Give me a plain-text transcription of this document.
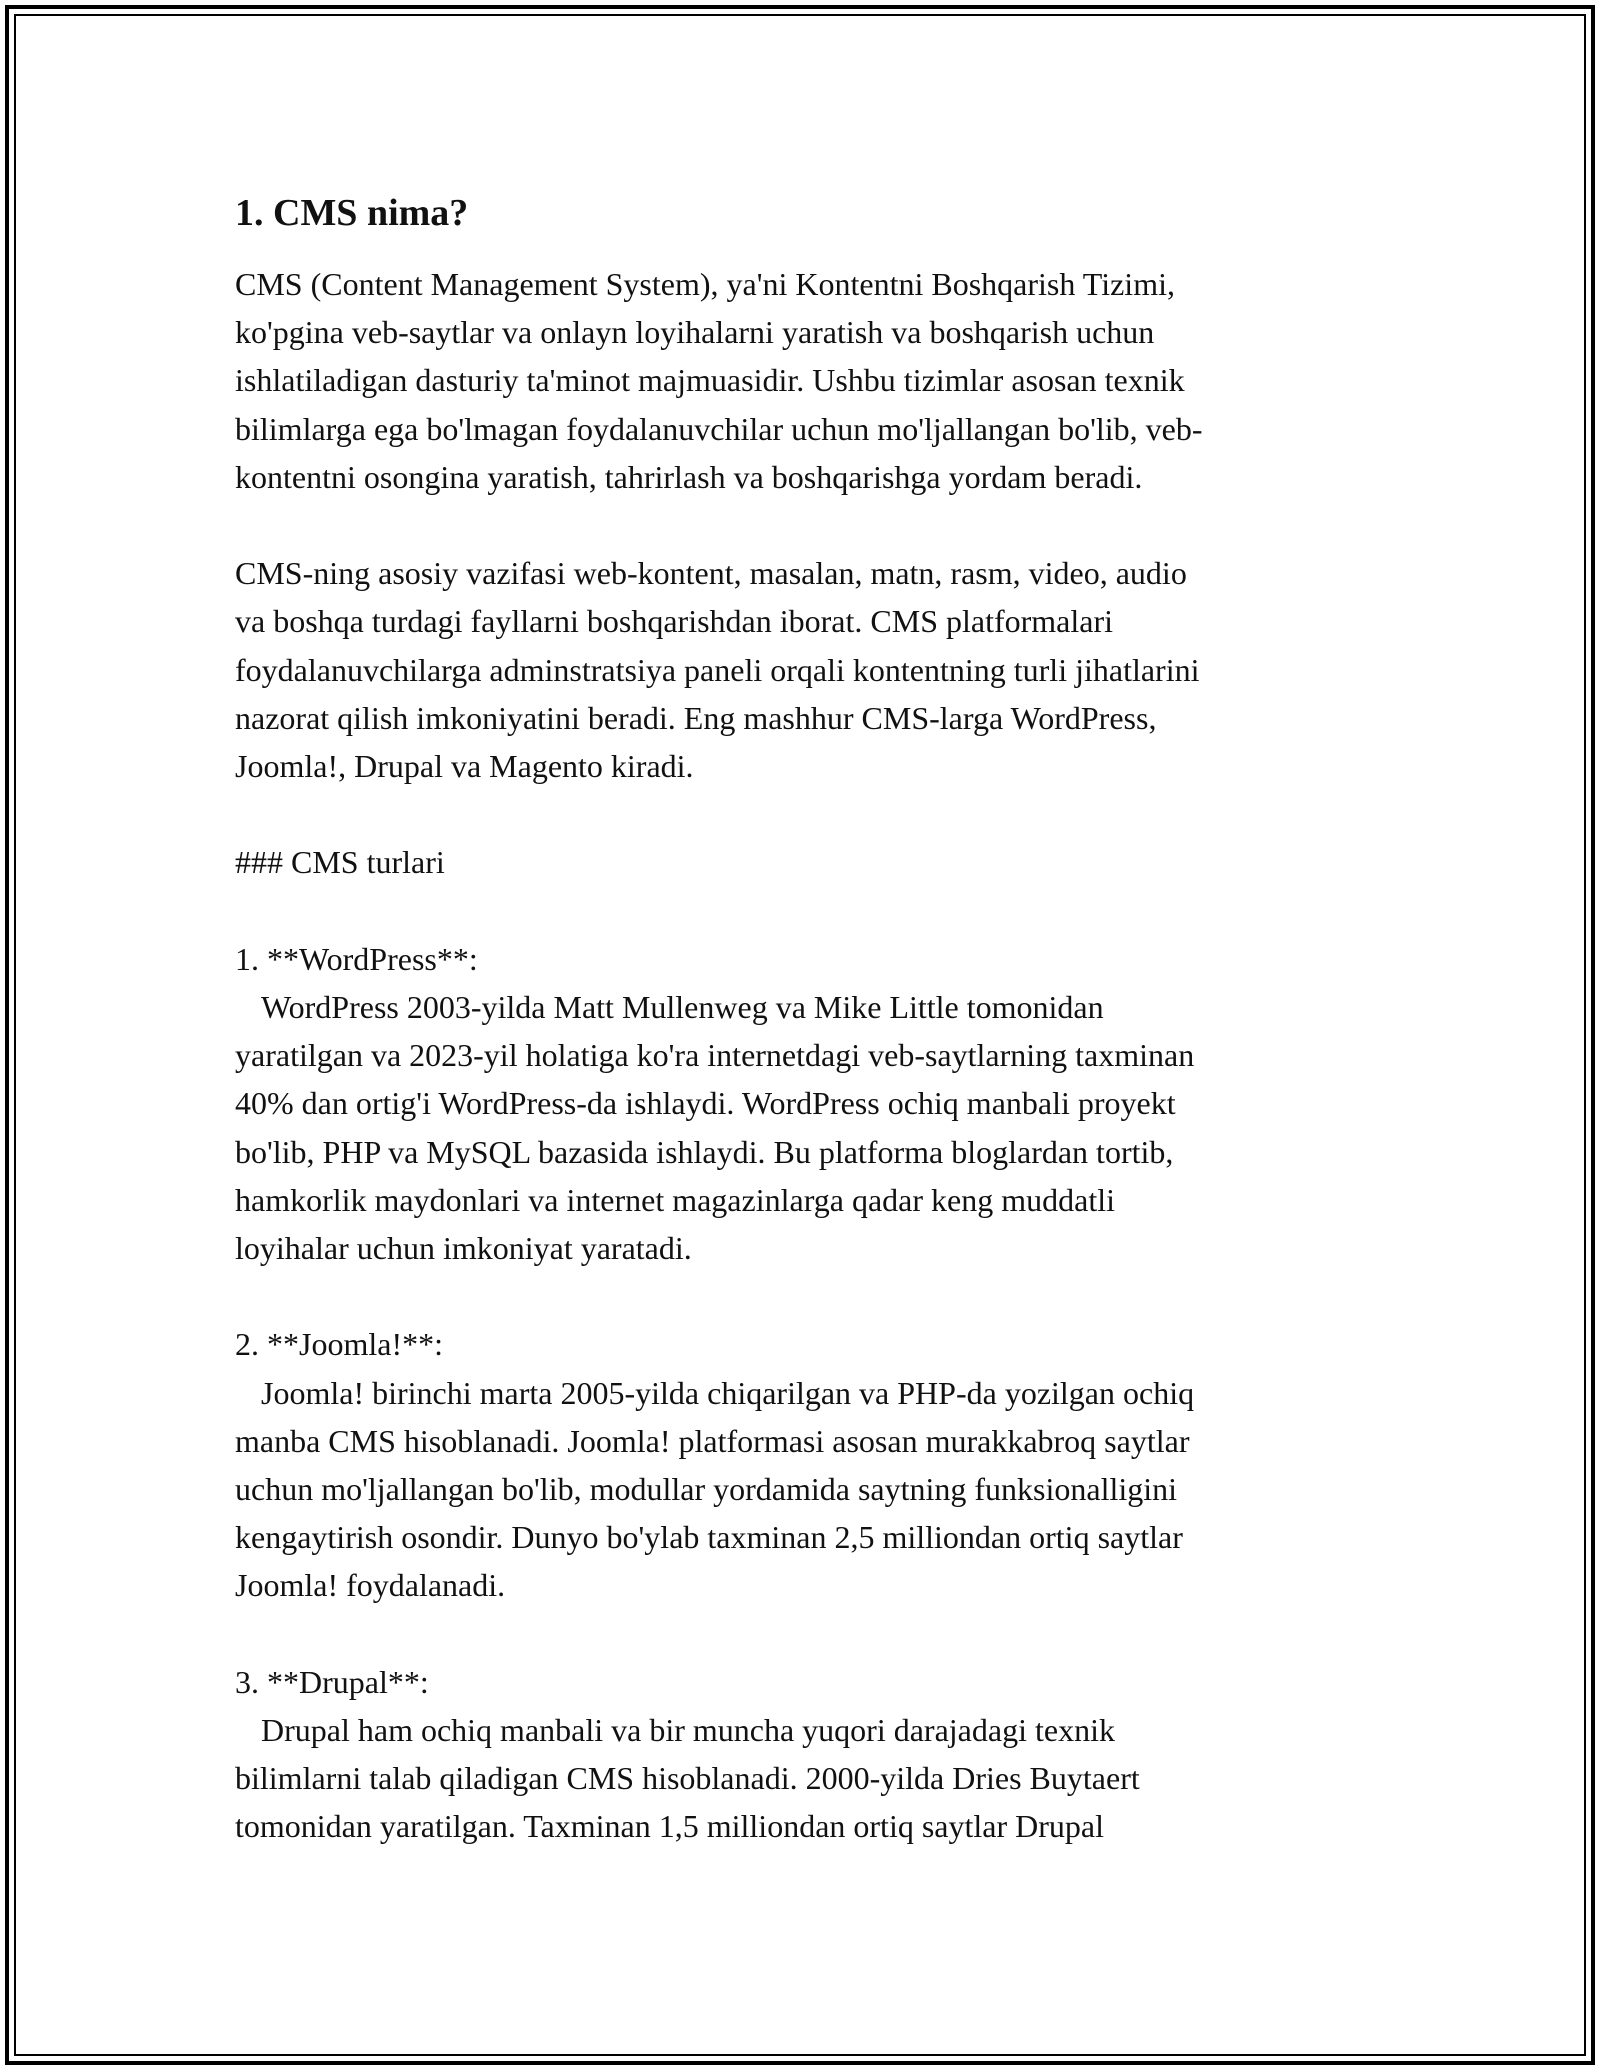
1. CMS nima?

CMS (Content Management System), ya'ni Kontentni Boshqarish Tizimi,
ko'pgina veb-saytlar va onlayn loyihalarni yaratish va boshqarish uchun
ishlatiladigan dasturiy ta'minot majmuasidir. Ushbu tizimlar asosan texnik
bilimlarga ega bo'lmagan foydalanuvchilar uchun mo'ljallangan bo'lib, veb-
kontentni osongina yaratish, tahrirlash va boshqarishga yordam beradi.

CMS-ning asosiy vazifasi web-kontent, masalan, matn, rasm, video, audio
va boshqa turdagi fayllarni boshqarishdan iborat. CMS platformalari
foydalanuvchilarga adminstratsiya paneli orqali kontentning turli jihatlarini
nazorat qilish imkoniyatini beradi. Eng mashhur CMS-larga WordPress,
Joomla!, Drupal va Magento kiradi.

### CMS turlari

1. **WordPress**:
WordPress 2003-yilda Matt Mullenweg va Mike Little tomonidan
yaratilgan va 2023-yil holatiga ko'ra internetdagi veb-saytlarning taxminan
40% dan ortig'i WordPress-da ishlaydi. WordPress ochiq manbali proyekt
bo'lib, PHP va MySQL bazasida ishlaydi. Bu platforma bloglardan tortib,
hamkorlik maydonlari va internet magazinlarga qadar keng muddatli
loyihalar uchun imkoniyat yaratadi.

2. **Joomla!**:
Joomla! birinchi marta 2005-yilda chiqarilgan va PHP-da yozilgan ochiq
manba CMS hisoblanadi. Joomla! platformasi asosan murakkabroq saytlar
uchun mo'ljallangan bo'lib, modullar yordamida saytning funksionalligini
kengaytirish osondir. Dunyo bo'ylab taxminan 2,5 milliondan ortiq saytlar
Joomla! foydalanadi.

3. **Drupal**:
Drupal ham ochiq manbali va bir muncha yuqori darajadagi texnik
bilimlarni talab qiladigan CMS hisoblanadi. 2000-yilda Dries Buytaert
tomonidan yaratilgan. Taxminan 1,5 milliondan ortiq saytlar Drupal
